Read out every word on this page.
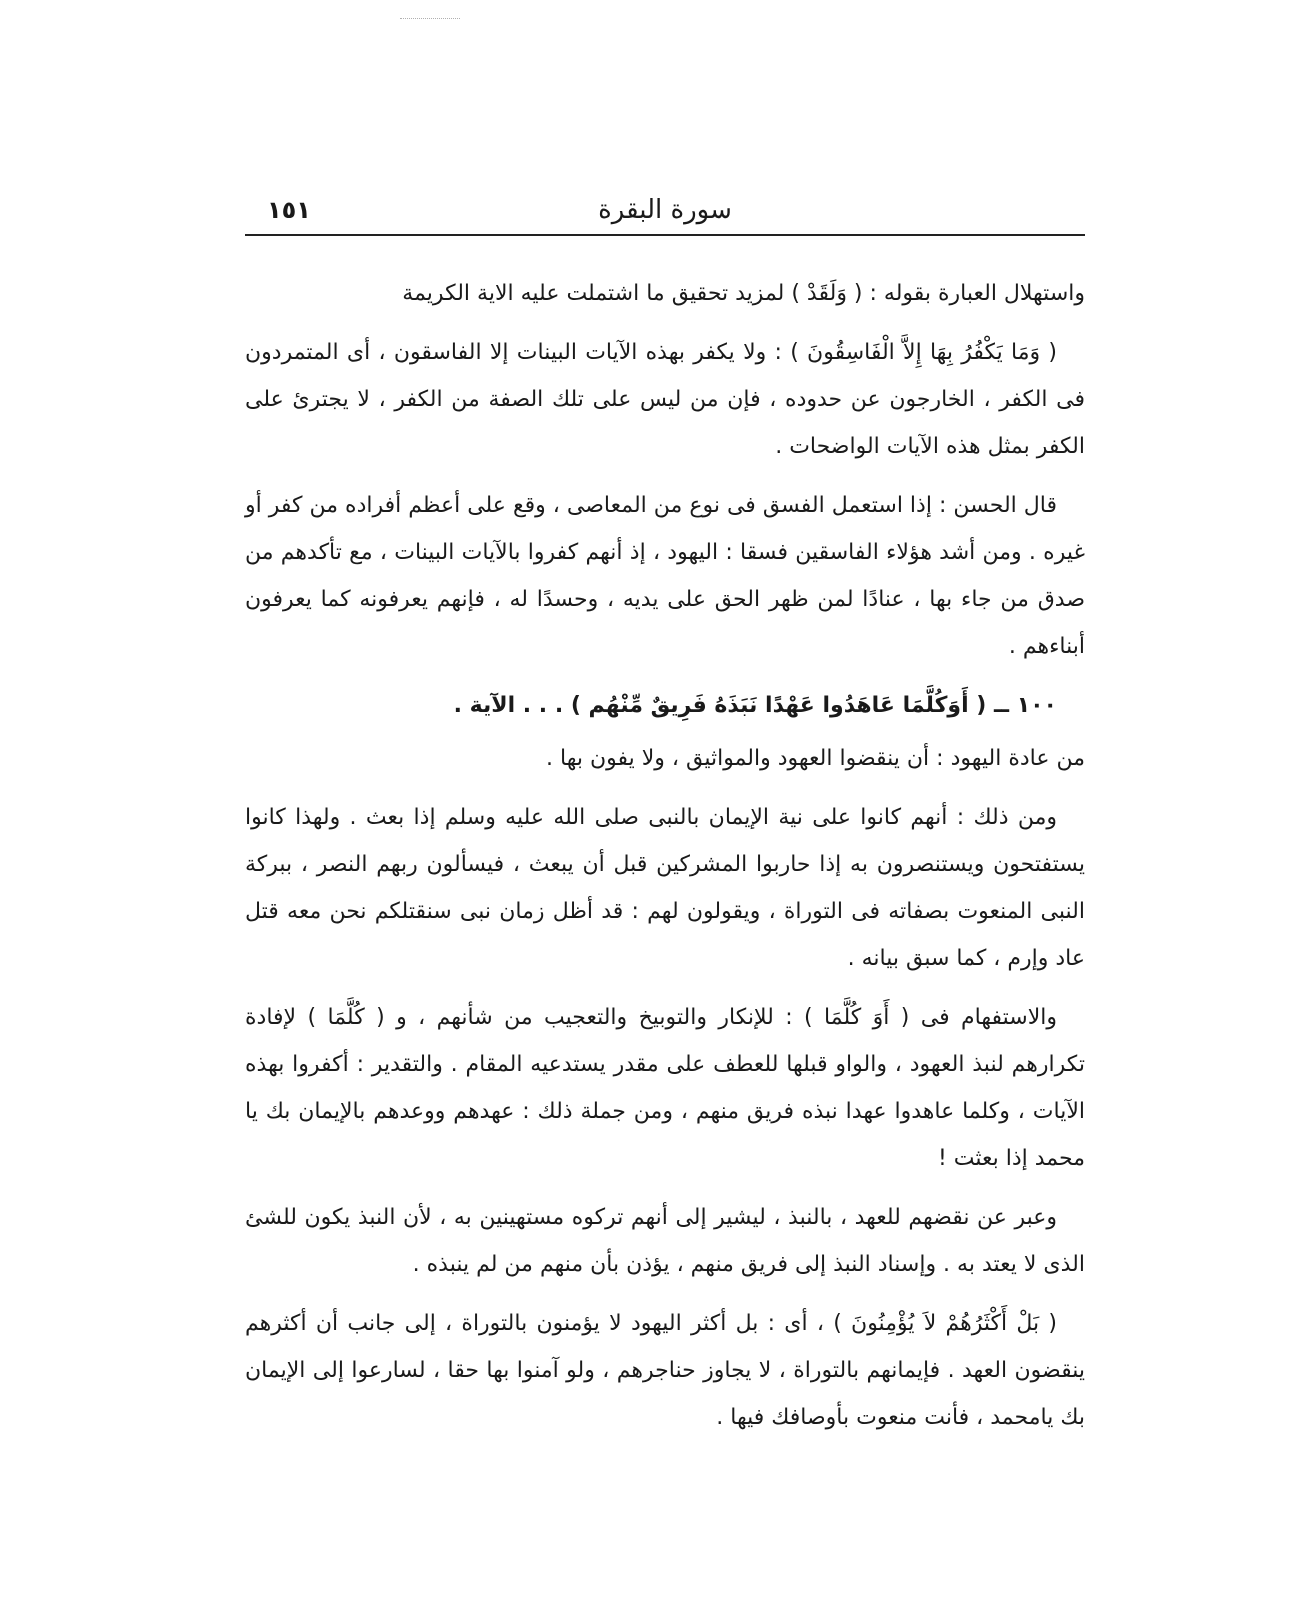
سورة البقرة
١٥١

واستهلال العبارة بقوله : ( وَلَقَدْ ) لمزيد تحقيق ما اشتملت عليه الاية الكريمة

( وَمَا يَكْفُرُ بِهَا إِلاَّ الْفَاسِقُونَ ) : ولا يكفر بهذه الآيات البينات إلا الفاسقون ، أى المتمردون فى الكفر ، الخارجون عن حدوده ، فإن من ليس على تلك الصفة من الكفر ، لا يجترئ على الكفر بمثل هذه الآيات الواضحات .

قال الحسن : إذا استعمل الفسق فى نوع من المعاصى ، وقع على أعظم أفراده من كفر أو غيره . ومن أشد هؤلاء الفاسقين فسقا : اليهود ، إذ أنهم كفروا بالآيات البينات ، مع تأكدهم من صدق من جاء بها ، عنادًا لمن ظهر الحق على يديه ، وحسدًا له ، فإنهم يعرفونه كما يعرفون أبناءهم .

١٠٠ ــ ( أَوَكُلَّمَا عَاهَدُوا عَهْدًا نَبَذَهُ فَرِيقٌ مِّنْهُم ) . . . الآية .

من عادة اليهود : أن ينقضوا العهود والمواثيق ، ولا يفون بها .

ومن ذلك : أنهم كانوا على نية الإيمان بالنبى صلى الله عليه وسلم إذا بعث . ولهذا كانوا يستفتحون ويستنصرون به إذا حاربوا المشركين قبل أن يبعث ، فيسألون ربهم النصر ، ببركة النبى المنعوت بصفاته فى التوراة ، ويقولون لهم : قد أظل زمان نبى سنقتلكم نحن معه قتل عاد وإرم ، كما سبق بيانه .

والاستفهام فى ( أَوَ كُلَّمَا ) : للإنكار والتوبيخ والتعجيب من شأنهم ، و ( كُلَّمَا ) لإفادة تكرارهم لنبذ العهود ، والواو قبلها للعطف على مقدر يستدعيه المقام . والتقدير : أكفروا بهذه الآيات ، وكلما عاهدوا عهدا نبذه فريق منهم ، ومن جملة ذلك : عهدهم ووعدهم بالإيمان بك يا محمد إذا بعثت !

وعبر عن نقضهم للعهد ، بالنبذ ، ليشير إلى أنهم تركوه مستهينين به ، لأن النبذ يكون للشئ الذى لا يعتد به . وإسناد النبذ إلى فريق منهم ، يؤذن بأن منهم من لم ينبذه .

( بَلْ أَكْثَرُهُمْ لاَ يُؤْمِنُونَ ) ، أى : بل أكثر اليهود لا يؤمنون بالتوراة ، إلى جانب أن أكثرهم ينقضون العهد . فإيمانهم بالتوراة ، لا يجاوز حناجرهم ، ولو آمنوا بها حقا ، لسارعوا إلى الإيمان بك يامحمد ، فأنت منعوت بأوصافك فيها .
